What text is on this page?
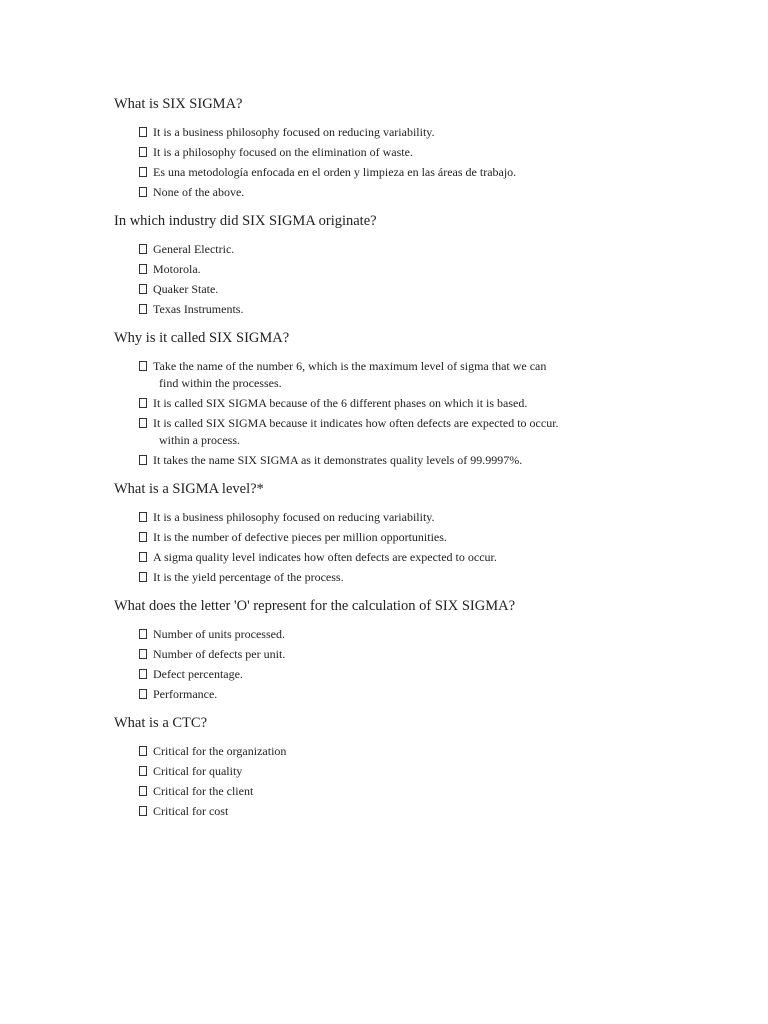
What is SIX SIGMA?
It is a business philosophy focused on reducing variability.
It is a philosophy focused on the elimination of waste.
Es una metodología enfocada en el orden y limpieza en las áreas de trabajo.
None of the above.
In which industry did SIX SIGMA originate?
General Electric.
Motorola.
Quaker State.
Texas Instruments.
Why is it called SIX SIGMA?
Take the name of the number 6, which is the maximum level of sigma that we can
find within the processes.
It is called SIX SIGMA because of the 6 different phases on which it is based.
It is called SIX SIGMA because it indicates how often defects are expected to occur.
within a process.
It takes the name SIX SIGMA as it demonstrates quality levels of 99.9997%.
What is a SIGMA level?*
It is a business philosophy focused on reducing variability.
It is the number of defective pieces per million opportunities.
A sigma quality level indicates how often defects are expected to occur.
It is the yield percentage of the process.
What does the letter 'O' represent for the calculation of SIX SIGMA?
Number of units processed.
Number of defects per unit.
Defect percentage.
Performance.
What is a CTC?
Critical for the organization
Critical for quality
Critical for the client
Critical for cost
